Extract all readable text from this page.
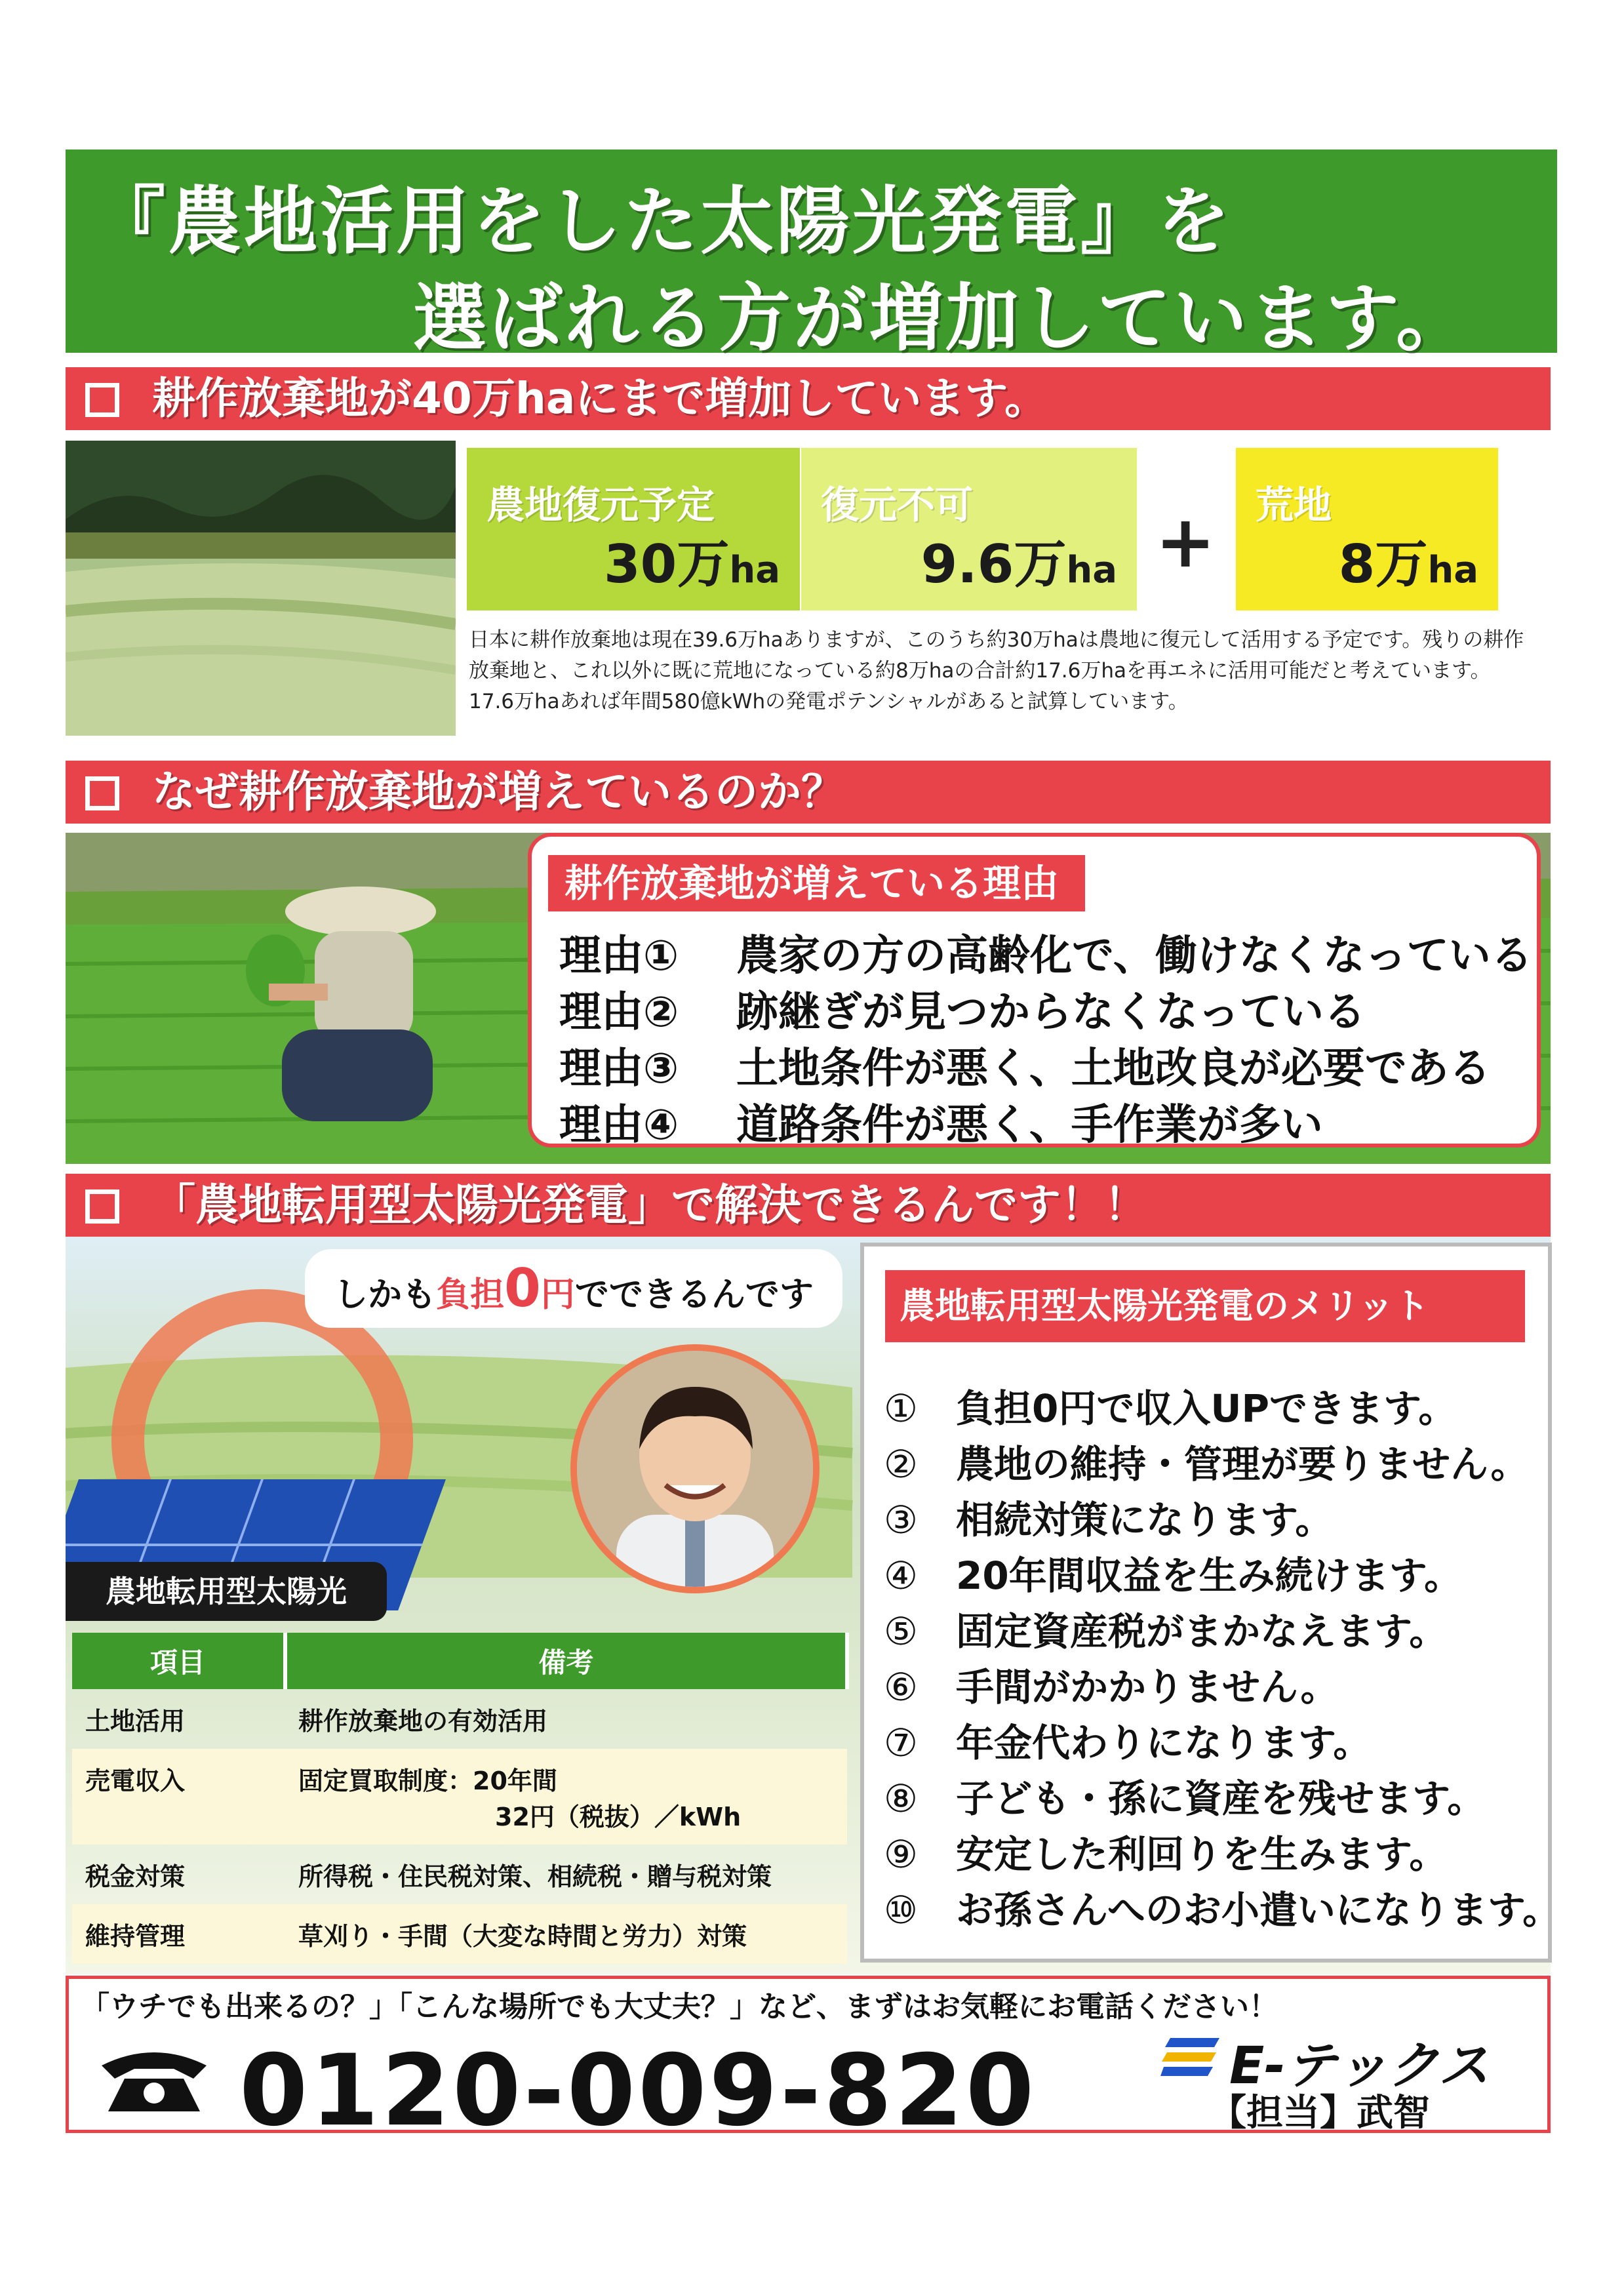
『農地活用をした太陽光発電』を
選ばれる方が増加しています。
耕作放棄地が40万haにまで増加しています。
農地復元予定
30万ha
復元不可
9.6万ha + 荒地
8万ha
日本に耕作放棄地は現在39.6万haありますが、このうち約30万haは農地に復元して活用する予定です。残りの耕作放棄地と、これ以外に既に荒地になっている約8万haの合計約17.6万haを再エネに活用可能だと考えています。17.6万haあれば年間580億kWhの発電ポテンシャルがあると試算しています。
なぜ耕作放棄地が増えているのか？
耕作放棄地が増えている理由
理由① 農家の方の高齢化で、働けなくなっている
理由② 跡継ぎが見つからなくなっている
理由③ 土地条件が悪く、土地改良が必要である
理由④ 道路条件が悪く、手作業が多い
「農地転用型太陽光発電」で解決できるんです！！
しかも負担0円でできるんです
農地転用型太陽光
項目	備考
土地活用	耕作放棄地の有効活用
売電収入	固定買取制度：20年間
32円（税抜）／kWh

税金対策	所得税・住民税対策、相続税・贈与税対策
維持管理	草刈り・手間（大変な時間と労力）対策
農地転用型太陽光発電のメリット
① 負担0円で収入UPできます。
② 農地の維持・管理が要りません。
③ 相続対策になります。
④ 20年間収益を生み続けます。
⑤ 固定資産税がまかなえます。
⑥ 手間がかかりません。
⑦ 年金代わりになります。
⑧ 子ども・孫に資産を残せます。
⑨ 安定した利回りを生みます。
⑩ お孫さんへのお小遣いになります。
「ウチでも出来るの？」「こんな場所でも大丈夫？」など、まずはお気軽にお電話ください！
0120-009-820	E-テックス
【担当】武智
